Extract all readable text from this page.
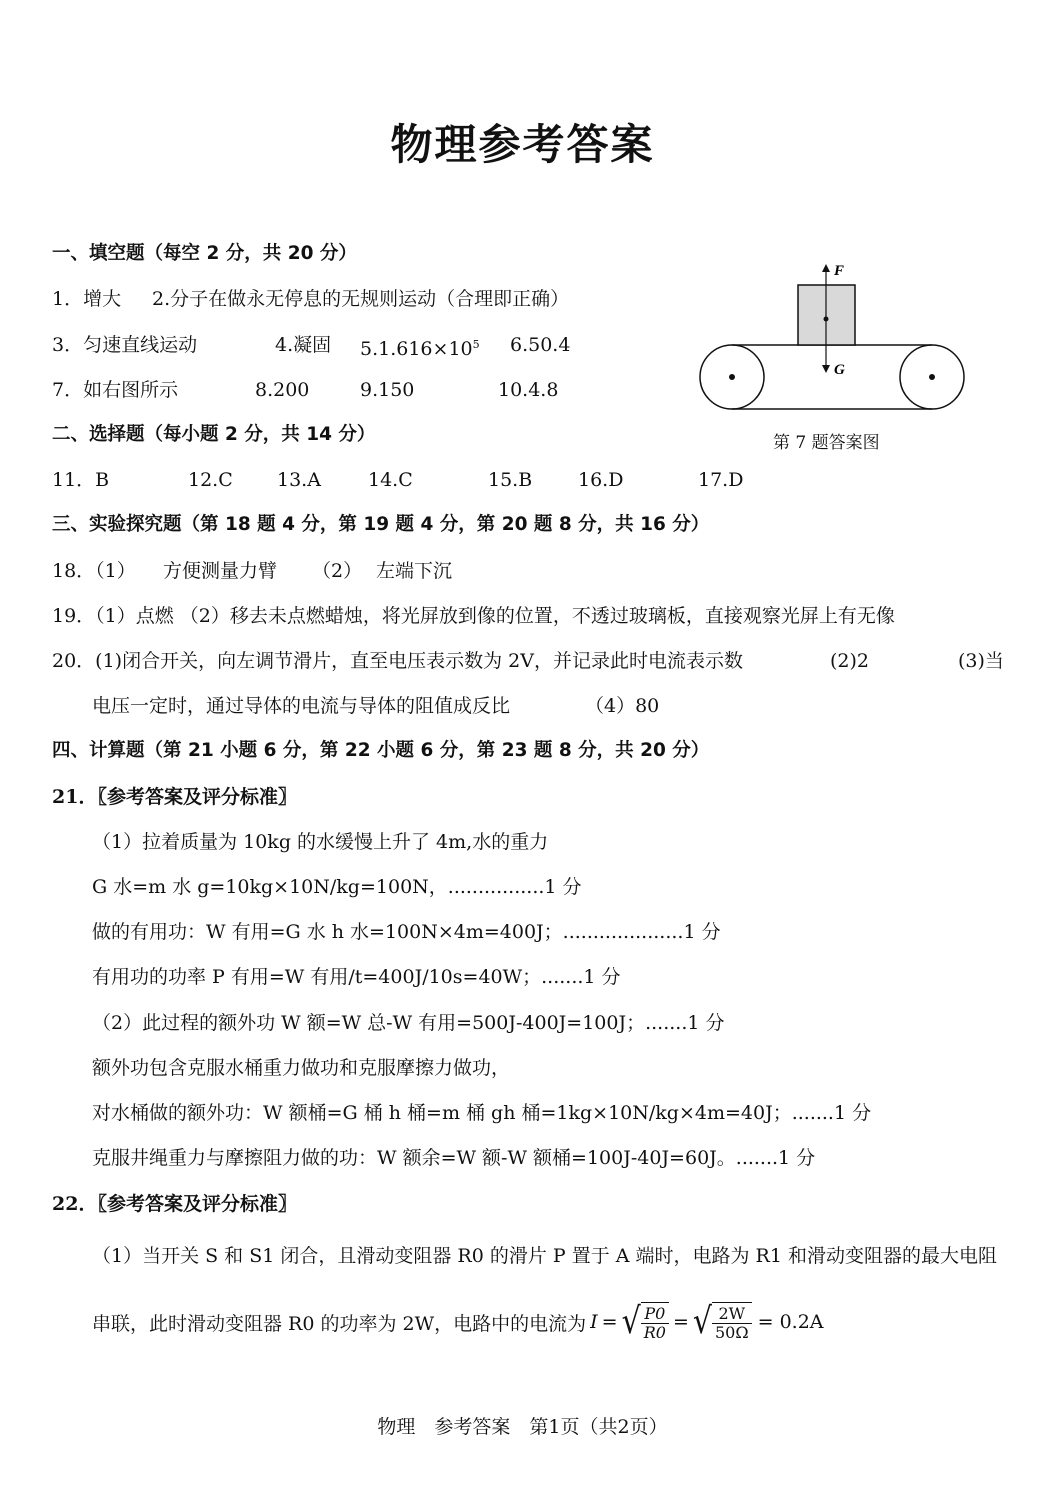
物理参考答案
F
G
第 7 题答案图
一、填空题（每空 2 分，共 20 分）
1．增大 2.分子在做永无停息的无规则运动（合理即正确）
3．匀速直线运动	4.凝固 $5.1.616\times 10^5$ 6.50.4
7．如右图所示	8.200	9.150	10.4.8
二、选择题（每小题 2 分，共 14 分）
11．B	12.C 13.A 14.C	15.B 16.D	17.D
三、实验探究题（第 18 题 4 分，第 19 题 4 分，第 20 题 8 分，共 16 分）
18．（1） 方便测量力臂 （2） 左端下沉
19．（1）点燃 （2）移去未点燃蜡烛，将光屏放到像的位置，不透过玻璃板，直接观察光屏上有无像
20．(1)闭合开关，向左调节滑片，直至电压表示数为 2V，并记录此时电流表示数	(2)2	(3)当
电压一定时，通过导体的电流与导体的阻值成反比	（4）80
四、计算题（第 21 小题 6 分，第 22 小题 6 分，第 23 题 8 分，共 20 分）
21．〖参考答案及评分标准〗
（1）拉着质量为 10kg 的水缓慢上升了 4m,水的重力
G 水=m 水 g=10kg×10N/kg=100N，................1 分
做的有用功：W 有用=G 水 h 水=100N×4m=400J；....................1 分
有用功的功率 P 有用=W 有用/t=400J/10s=40W；.......1 分
（2）此过程的额外功 W 额=W 总-W 有用=500J-400J=100J；.......1 分
额外功包含克服水桶重力做功和克服摩擦力做功，
对水桶做的额外功：W 额桶=G 桶 h 桶=m 桶 gh 桶=1kg×10N/kg×4m=40J；.......1 分
克服井绳重力与摩擦阻力做的功：W 额余=W 额-W 额桶=100J-40J=60J。.......1 分
22．〖参考答案及评分标准〗
（1）当开关 S 和 S1 闭合，且滑动变阻器 R0 的滑片 P 置于 A 端时，电路为 R1 和滑动变阻器的最大电阻
串联，此时滑动变阻器 R0 的功率为 2W，电路中的电流为 I = √ $\frac{P0}{R0}$ = √ $\frac{2W}{50\Omega} = 0.2A$
物理　参考答案　第1页（共2页）
